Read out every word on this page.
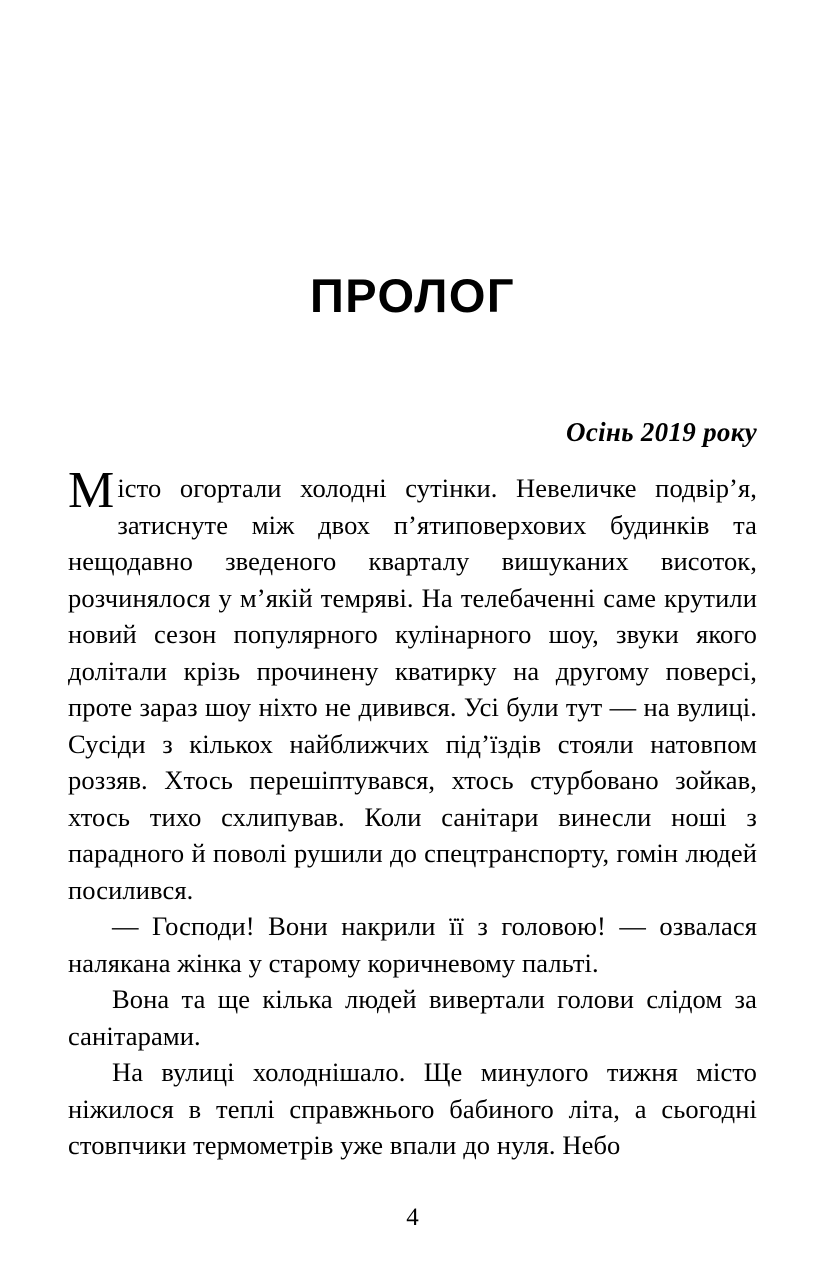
ПРОЛОГ
Осінь 2019 року

Місто огортали холодні сутінки. Невеличке подвір’я, затиснуте між двох п’ятиповерхових будинків та нещодавно зведеного кварталу вишуканих висоток, розчинялося у м’якій темряві. На телебаченні саме крутили новий сезон популярного кулінарного шоу, звуки якого долітали крізь прочинену кватирку на другому поверсі, проте зараз шоу ніхто не дивився. Усі були тут — на вулиці. Сусіди з кількох найближчих під’їздів стояли натовпом роззяв. Хтось перешіптувався, хтось стурбовано зойкав, хтось тихо схлипував. Коли санітари винесли ноші з парадного й поволі рушили до спецтранспорту, гомін людей посилився.

— Господи! Вони накрили її з головою! — озвалася налякана жінка у старому коричневому пальті.

Вона та ще кілька людей вивертали голови слідом за санітарами.

На вулиці холоднішало. Ще минулого тижня місто ніжилося в теплі справжнього бабиного літа, а сьогодні стовпчики термометрів уже впали до нуля. Небо

4
